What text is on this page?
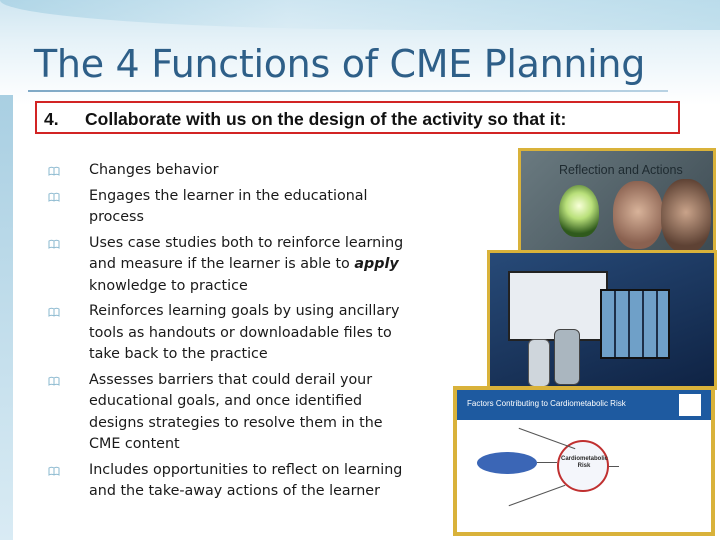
The 4 Functions of CME Planning
4. Collaborate with us on the design of the activity so that it:
Changes behavior
Engages the learner in the educational process
Uses case studies both to reinforce learning and measure if the learner is able to apply knowledge to practice
Reinforces learning goals by using ancillary tools as handouts or downloadable files to take back to the practice
Assesses barriers that could derail your educational goals, and once identified designs strategies to resolve them in the CME content
Includes opportunities to reflect on learning and the take-away actions of the learner
Reflection and Actions
Factors Contributing to Cardiometabolic Risk
Cardiometabolic Risk
